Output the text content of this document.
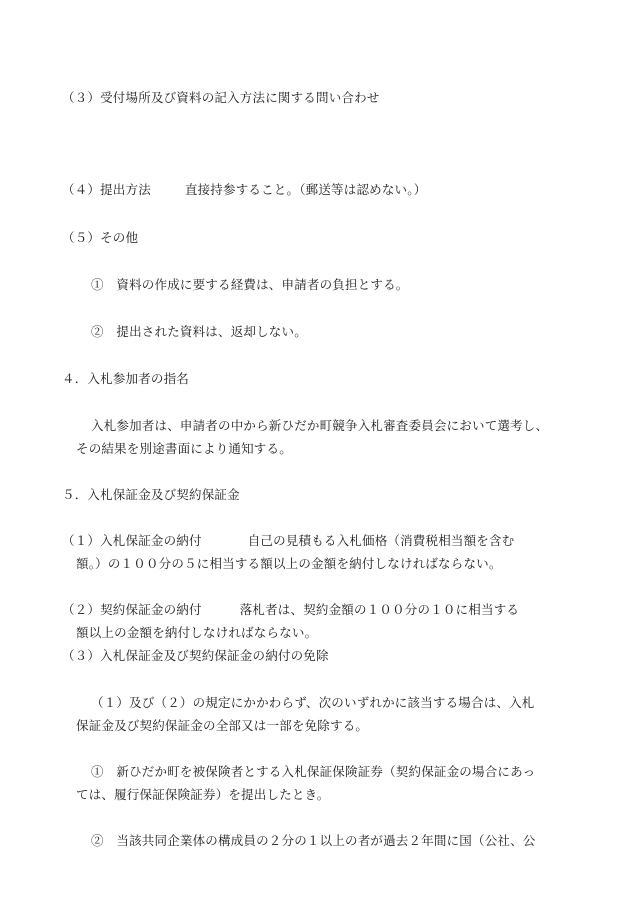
（３）受付場所及び資料の記入方法に関する問い合わせ
（４）提出方法	直接持参すること。（郵送等は認めない。）
（５）その他
①　資料の作成に要する経費は、申請者の負担とする。
②　提出された資料は、返却しない。
４．入札参加者の指名
入札参加者は、申請者の中から新ひだか町競争入札審査委員会において選考し、
その結果を別途書面により通知する。
５．入札保証金及び契約保証金
（１）入札保証金の納付	自己の見積もる入札価格（消費税相当額を含む
額。）の１００分の５に相当する額以上の金額を納付しなければならない。
（２）契約保証金の納付	落札者は、契約金額の１００分の１０に相当する
額以上の金額を納付しなければならない。
（３）入札保証金及び契約保証金の納付の免除
（１）及び（２）の規定にかかわらず、次のいずれかに該当する場合は、入札
保証金及び契約保証金の全部又は一部を免除する。
①　新ひだか町を被保険者とする入札保証保険証券（契約保証金の場合にあっ
ては、履行保証保険証券）を提出したとき。
②　当該共同企業体の構成員の２分の１以上の者が過去２年間に国（公社、公
